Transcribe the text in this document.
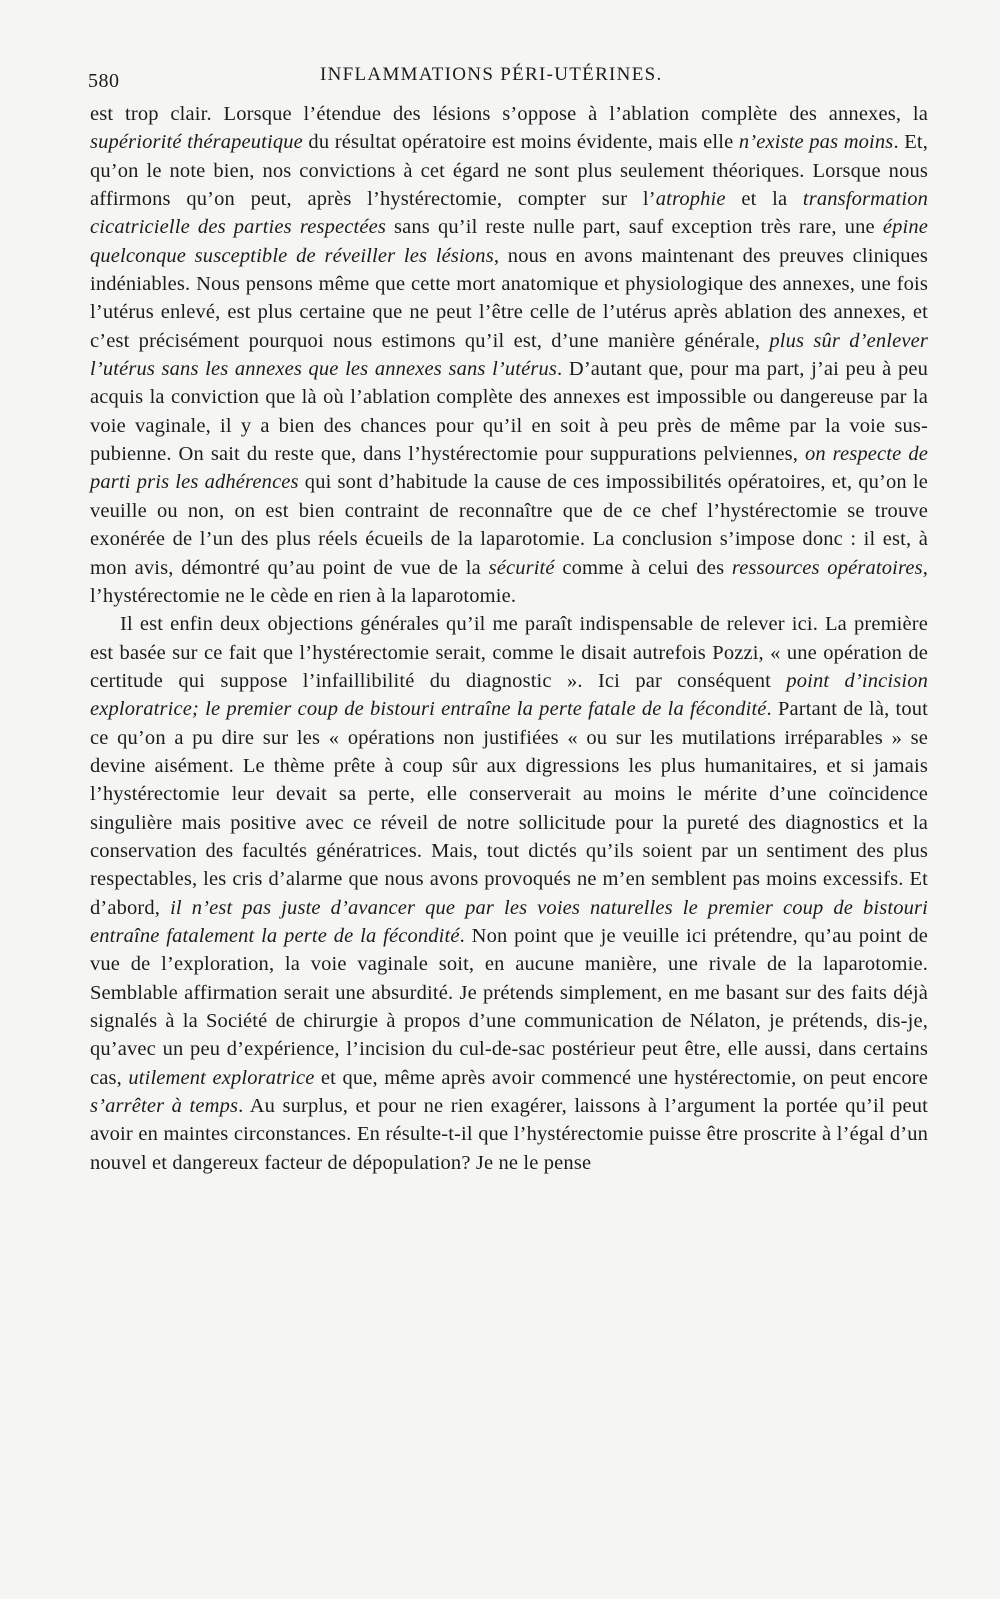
580	INFLAMMATIONS PÉRI-UTÉRINES.

est trop clair. Lorsque l’étendue des lésions s’oppose à l’ablation complète des annexes, la supériorité thérapeutique du résultat opératoire est moins évidente, mais elle n’existe pas moins. Et, qu’on le note bien, nos convictions à cet égard ne sont plus seulement théoriques. Lorsque nous affirmons qu’on peut, après l’hystérectomie, compter sur l’atrophie et la transformation cicatricielle des parties respectées sans qu’il reste nulle part, sauf exception très rare, une épine quelconque susceptible de réveiller les lésions, nous en avons maintenant des preuves cliniques indéniables. Nous pensons même que cette mort anatomique et physiologique des annexes, une fois l’utérus enlevé, est plus certaine que ne peut l’être celle de l’utérus après ablation des annexes, et c’est précisément pourquoi nous estimons qu’il est, d’une manière générale, plus sûr d’enlever l’utérus sans les annexes que les annexes sans l’utérus. D’autant que, pour ma part, j’ai peu à peu acquis la conviction que là où l’ablation complète des annexes est impossible ou dangereuse par la voie vaginale, il y a bien des chances pour qu’il en soit à peu près de même par la voie sus-pubienne. On sait du reste que, dans l’hystérectomie pour suppurations pelviennes, on respecte de parti pris les adhérences qui sont d’habitude la cause de ces impossibilités opératoires, et, qu’on le veuille ou non, on est bien contraint de reconnaître que de ce chef l’hystérectomie se trouve exonérée de l’un des plus réels écueils de la laparotomie. La conclusion s’impose donc : il est, à mon avis, démontré qu’au point de vue de la sécurité comme à celui des ressources opératoires, l’hystérectomie ne le cède en rien à la laparotomie.

Il est enfin deux objections générales qu’il me paraît indispensable de relever ici. La première est basée sur ce fait que l’hystérectomie serait, comme le disait autrefois Pozzi, « une opération de certitude qui suppose l’infaillibilité du diagnostic ». Ici par conséquent point d’incision exploratrice; le premier coup de bistouri entraîne la perte fatale de la fécondité. Partant de là, tout ce qu’on a pu dire sur les « opérations non justifiées « ou sur les mutilations irréparables » se devine aisément. Le thème prête à coup sûr aux digressions les plus humanitaires, et si jamais l’hystérectomie leur devait sa perte, elle conserverait au moins le mérite d’une coïncidence singulière mais positive avec ce réveil de notre sollicitude pour la pureté des diagnostics et la conservation des facultés génératrices. Mais, tout dictés qu’ils soient par un sentiment des plus respectables, les cris d’alarme que nous avons provoqués ne m’en semblent pas moins excessifs. Et d’abord, il n’est pas juste d’avancer que par les voies naturelles le premier coup de bistouri entraîne fatalement la perte de la fécondité. Non point que je veuille ici prétendre, qu’au point de vue de l’exploration, la voie vaginale soit, en aucune manière, une rivale de la laparotomie. Semblable affirmation serait une absurdité. Je prétends simplement, en me basant sur des faits déjà signalés à la Société de chirurgie à propos d’une communication de Nélaton, je prétends, dis-je, qu’avec un peu d’expérience, l’incision du cul-de-sac postérieur peut être, elle aussi, dans certains cas, utilement exploratrice et que, même après avoir commencé une hystérectomie, on peut encore s’arrêter à temps. Au surplus, et pour ne rien exagérer, laissons à l’argument la portée qu’il peut avoir en maintes circonstances. En résulte-t-il que l’hystérectomie puisse être proscrite à l’égal d’un nouvel et dangereux facteur de dépopulation? Je ne le pense
